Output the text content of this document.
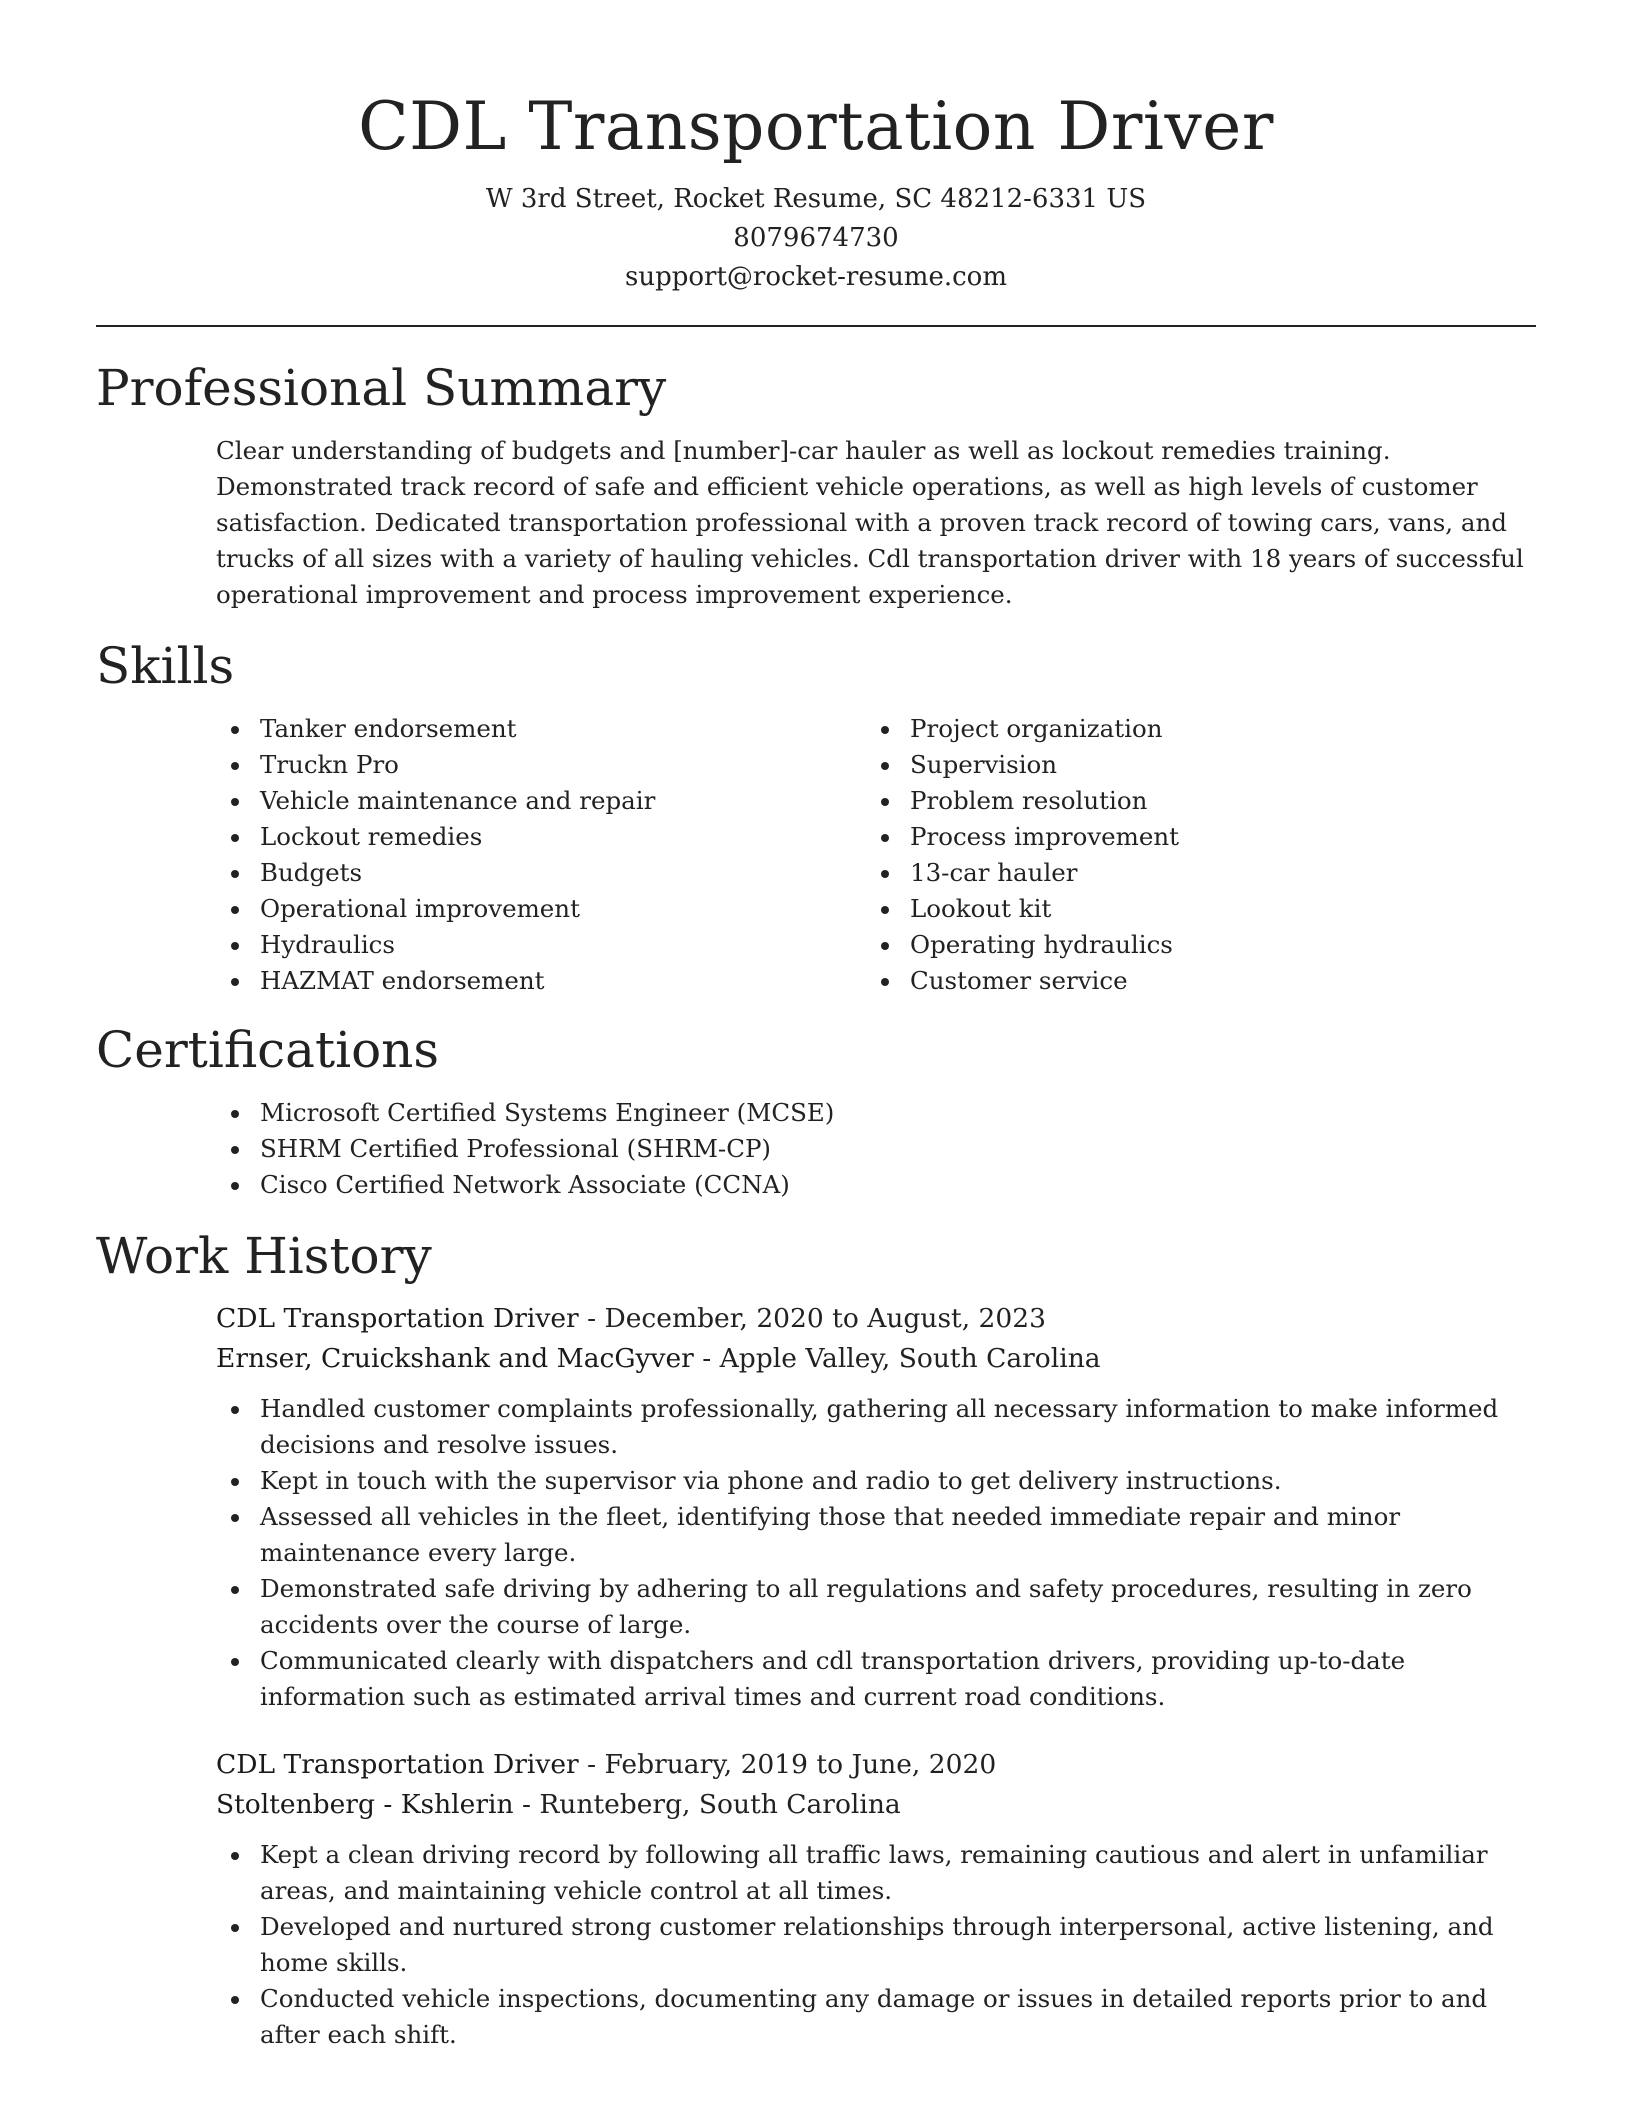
CDL Transportation Driver

W 3rd Street, Rocket Resume, SC 48212-6331 US

8079674730

support@rocket-resume.com

Professional Summary

Clear understanding of budgets and [number]-car hauler as well as lockout remedies training. Demonstrated track record of safe and efficient vehicle operations, as well as high levels of customer satisfaction. Dedicated transportation professional with a proven track record of towing cars, vans, and trucks of all sizes with a variety of hauling vehicles. Cdl transportation driver with 18 years of successful operational improvement and process improvement experience.

Skills
Tanker endorsement
Truckn Pro
Vehicle maintenance and repair
Lockout remedies
Budgets
Operational improvement
Hydraulics
HAZMAT endorsement
Project organization
Supervision
Problem resolution
Process improvement
13-car hauler
Lookout kit
Operating hydraulics
Customer service
Certifications
Microsoft Certified Systems Engineer (MCSE)
SHRM Certified Professional (SHRM-CP)
Cisco Certified Network Associate (CCNA)
Work History

CDL Transportation Driver - December, 2020 to August, 2023

Ernser, Cruickshank and MacGyver - Apple Valley, South Carolina

Handled customer complaints professionally, gathering all necessary information to make informed decisions and resolve issues.
Kept in touch with the supervisor via phone and radio to get delivery instructions.
Assessed all vehicles in the fleet, identifying those that needed immediate repair and minor maintenance every large.
Demonstrated safe driving by adhering to all regulations and safety procedures, resulting in zero accidents over the course of large.
Communicated clearly with dispatchers and cdl transportation drivers, providing up-to-date information such as estimated arrival times and current road conditions.

CDL Transportation Driver - February, 2019 to June, 2020

Stoltenberg - Kshlerin - Runteberg, South Carolina

Kept a clean driving record by following all traffic laws, remaining cautious and alert in unfamiliar areas, and maintaining vehicle control at all times.
Developed and nurtured strong customer relationships through interpersonal, active listening, and home skills.
Conducted vehicle inspections, documenting any damage or issues in detailed reports prior to and after each shift.
